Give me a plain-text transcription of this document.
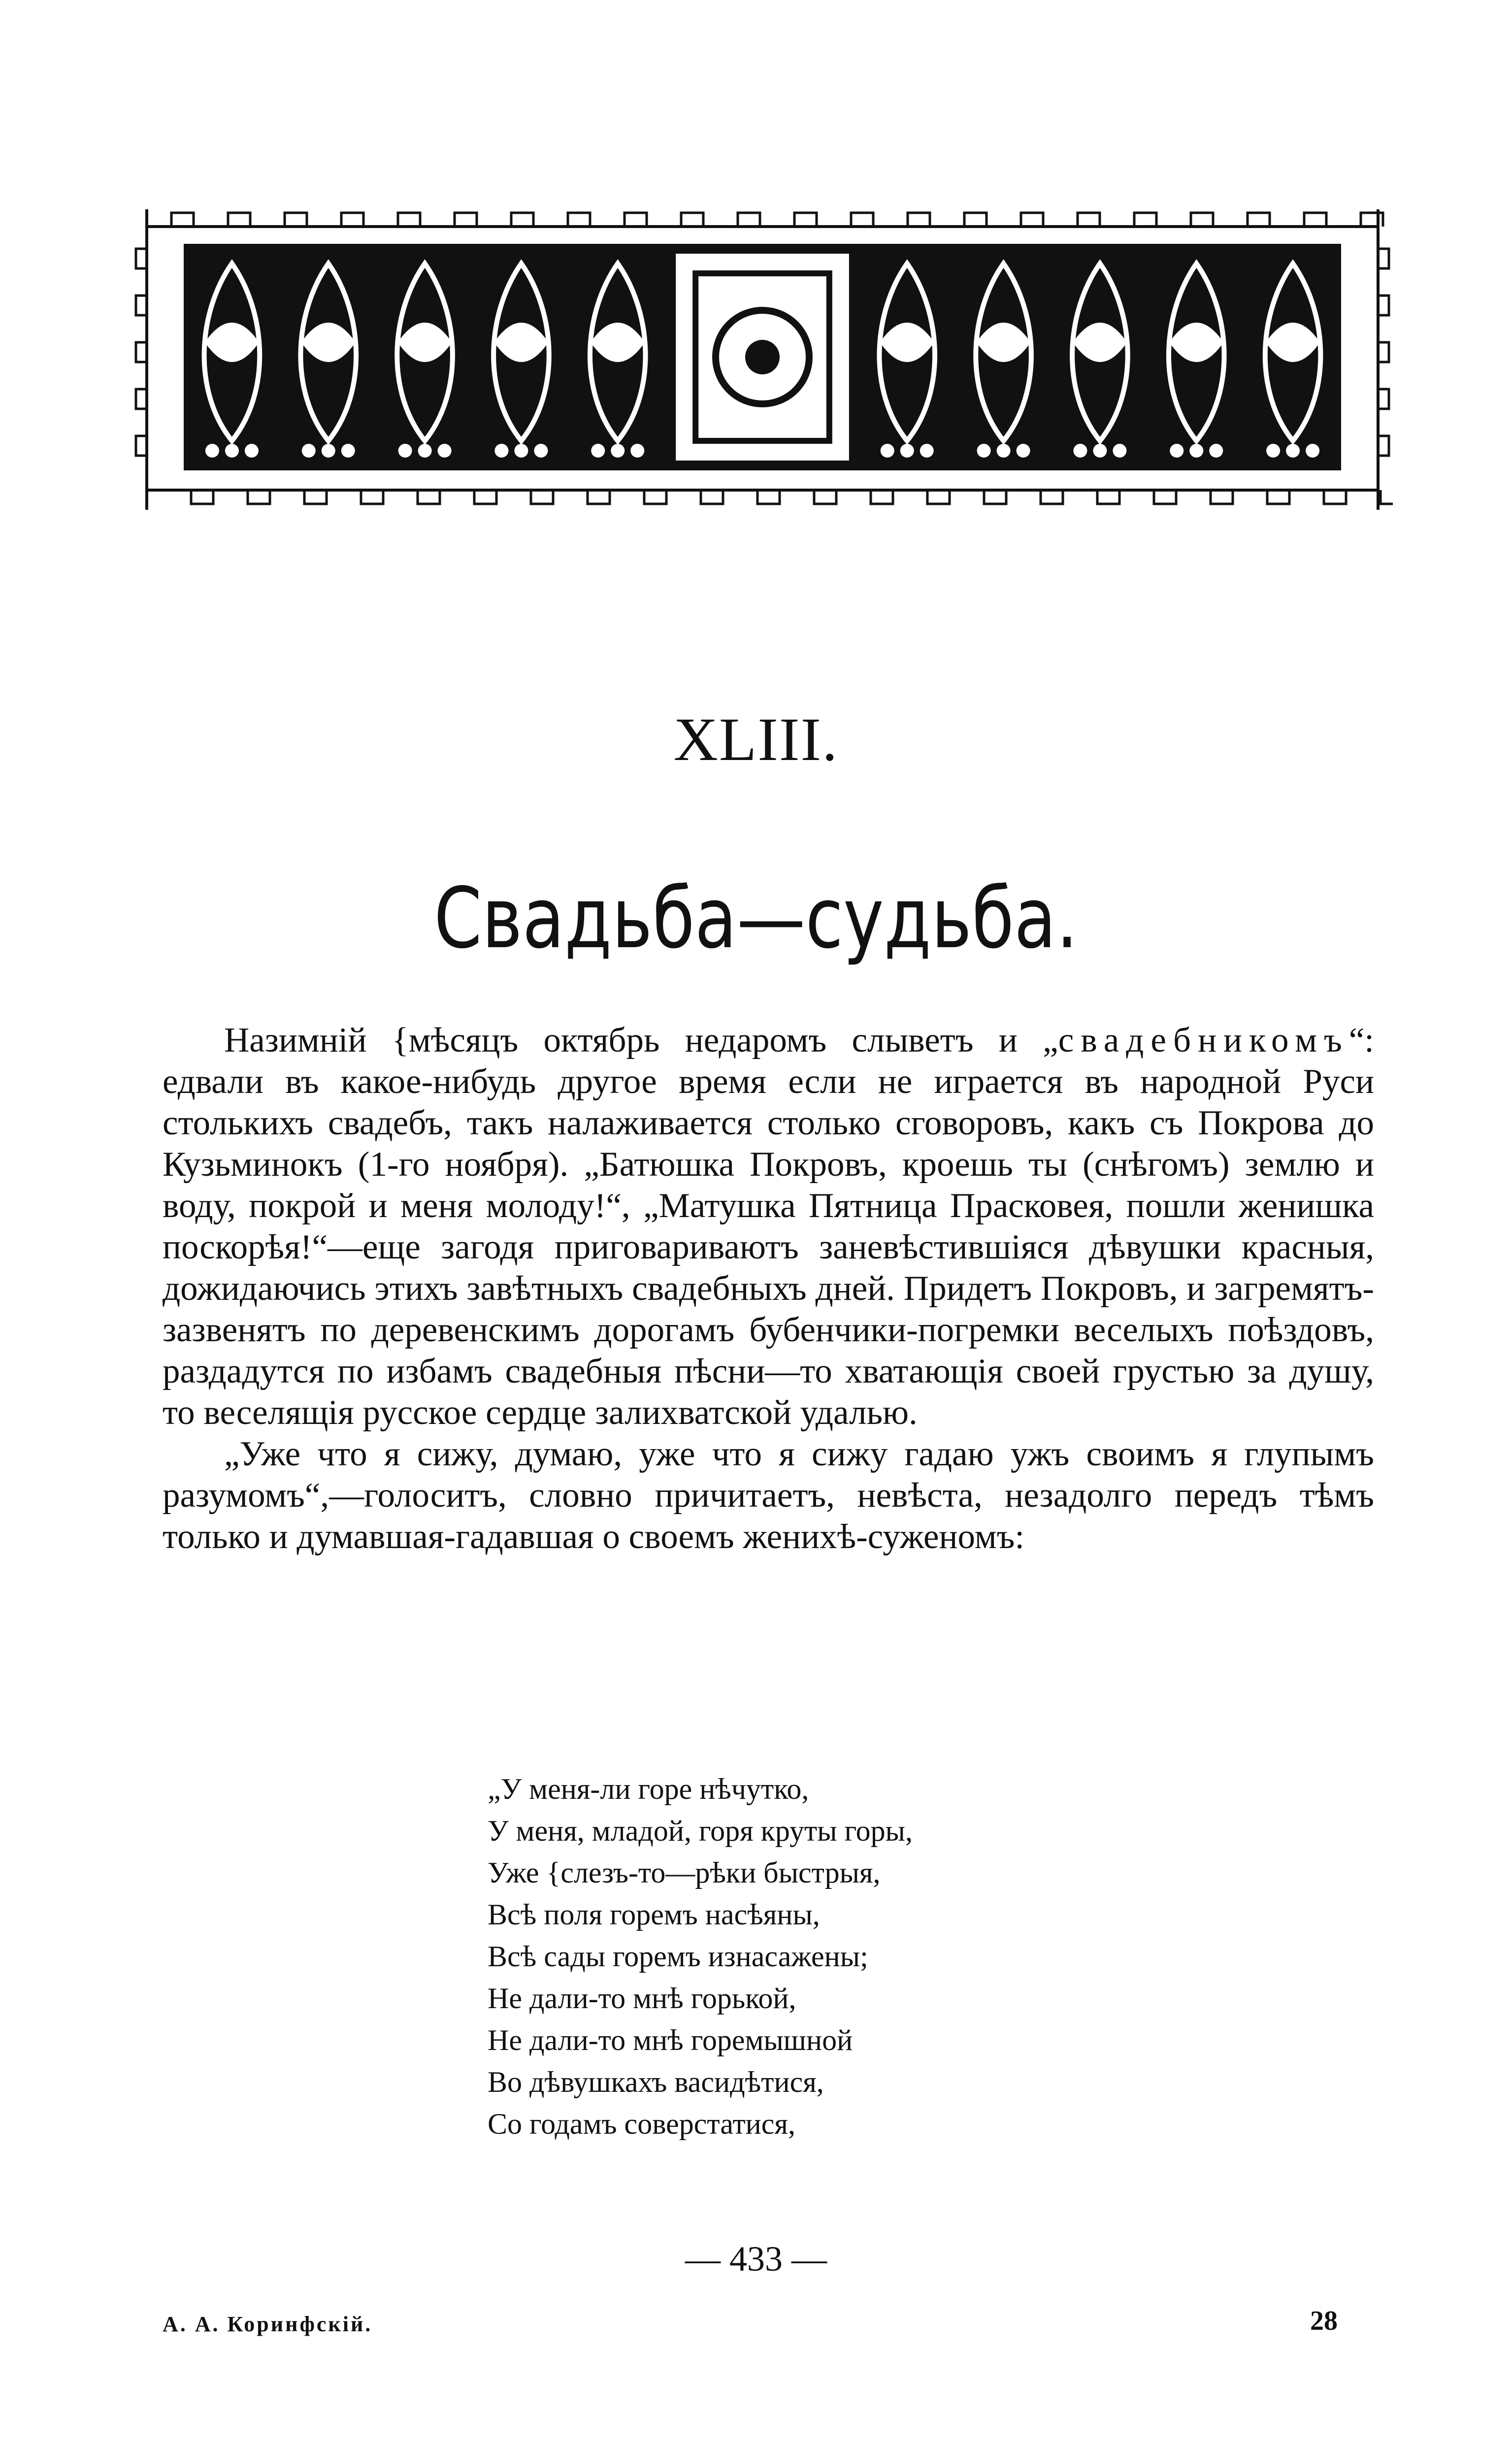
XLIII.
Свадьба—судьба.

Назимній {мѣсяцъ октябрь недаромъ слыветъ и „свадебникомъ“: едвали въ какое-нибудь другое время если не играется въ народной Руси столькихъ свадебъ, такъ налаживается столько сговоровъ, какъ съ Покрова до Кузьминокъ (1-го ноября). „Батюшка Покровъ, кроешь ты (снѣгомъ) землю и воду, покрой и меня молоду!“, „Матушка Пятница Прасковея, пошли женишка поскорѣя!“—еще загодя приговариваютъ заневѣстившіяся дѣвушки красныя, дожидаючись этихъ завѣтныхъ свадебныхъ дней. Придетъ Покровъ, и загремятъ-зазвенятъ по деревенскимъ дорогамъ бубенчики-погремки веселыхъ поѣздовъ, раздадутся по избамъ свадебныя пѣсни—то хватающія своей грустью за душу, то веселящія русское сердце залихватской удалью.

„Уже что я сижу, думаю, уже что я сижу гадаю ужъ своимъ я глупымъ разумомъ“,—голоситъ, словно причитаетъ, невѣста, незадолго передъ тѣмъ только и думавшая-гадавшая о своемъ женихѣ-суженомъ:

„У меня-ли горе нѣчутко,
У меня, младой, горя круты горы,
Уже {слезъ-то—рѣки быстрыя,
Всѣ поля горемъ насѣяны,
Всѣ сады горемъ изнасажены;
Не дали-то мнѣ горькой,
Не дали-то мнѣ горемышной
Во дѣвушкахъ васидѣтися,
Со годамъ соверстатися,
— 433 —
А. А. Коринфскій.	28
